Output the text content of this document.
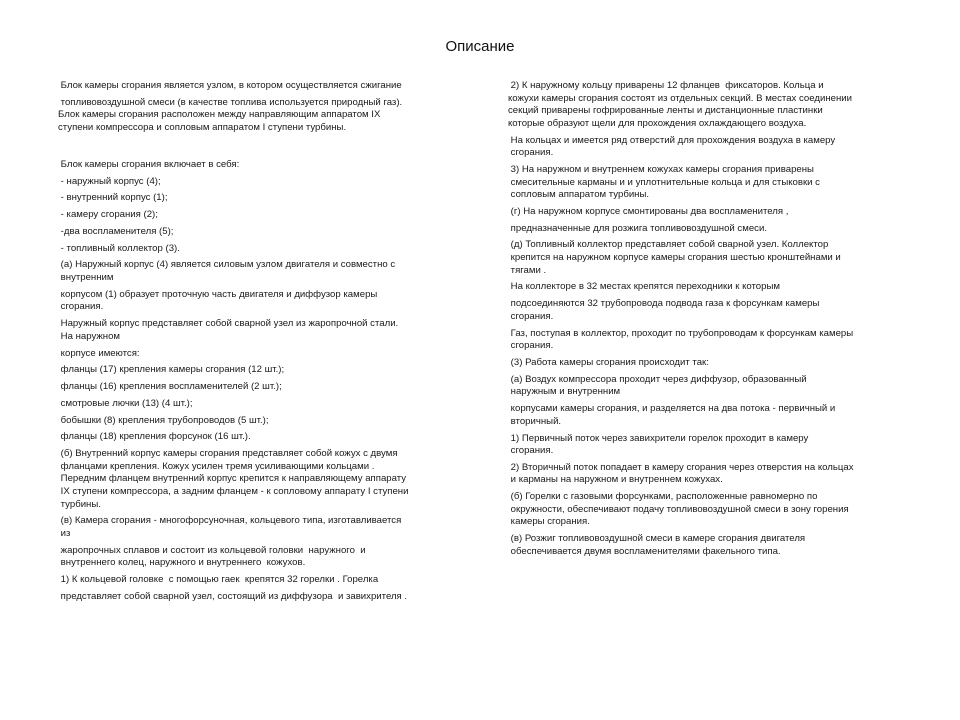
Описание
Блок камеры сгорания является узлом, в котором осуществляется сжигание
топливовоздушной смеси (в качестве топлива используется природный газ).
Блок камеры сгорания расположен между направляющим аппаратом IX
ступени компрессора и сопловым аппаратом I ступени турбины.
Блок камеры сгорания включает в себя:
- наружный корпус (4);
- внутренний корпус (1);
- камеру сгорания (2);
-два воспламенителя (5);
- топливный коллектор (3).
(а) Наружный корпус (4) является силовым узлом двигателя и совместно с
внутренним
корпусом (1) образует проточную часть двигателя и диффузор камеры
сгорания.
Наружный корпус представляет собой сварной узел из жаропрочной стали.
На наружном
корпусе имеются:
фланцы (17) крепления камеры сгорания (12 шт.);
фланцы (16) крепления воспламенителей (2 шт.);
смотровые лючки (13) (4 шт.);
бобышки (8) крепления трубопроводов (5 шт.);
фланцы (18) крепления форсунок (16 шт.).
(б) Внутренний корпус камеры сгорания представляет собой кожух с двумя
фланцами крепления. Кожух усилен тремя усиливающими кольцами .
Передним фланцем внутренний корпус крепится к направляющему аппарату
IX ступени компрессора, а задним фланцем - к сопловому аппарату I ступени
турбины.
(в) Камера сгорания - многофорсуночная, кольцевого типа, изготавливается
из
жаропрочных сплавов и состоит из кольцевой головки  наружного  и
внутреннего колец, наружного и внутреннего  кожухов.
1) К кольцевой головке  с помощью гаек  крепятся 32 горелки . Горелка
представляет собой сварной узел, состоящий из диффузора  и завихрителя .
2) К наружному кольцу приварены 12 фланцев  фиксаторов. Кольца и
кожухи камеры сгорания состоят из отдельных секций. В местах соединении
секций приварены гофрированные ленты и дистанционные пластинки
которые образуют щели для прохождения охлаждающего воздуха.
На кольцах и имеется ряд отверстий для прохождения воздуха в камеру
сгорания.
3) На наружном и внутреннем кожухах камеры сгорания приварены
смесительные карманы и и уплотнительные кольца и для стыковки с
сопловым аппаратом турбины.
(г) На наружном корпусе смонтированы два воспламенителя ,
предназначенные для розжига топливовоздушной смеси.
(д) Топливный коллектор представляет собой сварной узел. Коллектор
крепится на наружном корпусе камеры сгорания шестью кронштейнами и
тягами .
На коллекторе в 32 местах крепятся переходники к которым
подсоединяются 32 трубопровода подвода газа к форсункам камеры
сгорания.
Газ, поступая в коллектор, проходит по трубопроводам к форсункам камеры
сгорания.
(3) Работа камеры сгорания происходит так:
(а) Воздух компрессора проходит через диффузор, образованный
наружным и внутренним
корпусами камеры сгорания, и разделяется на два потока - первичный и
вторичный.
1) Первичный поток через завихрители горелок проходит в камеру
сгорания.
2) Вторичный поток попадает в камеру сгорания через отверстия на кольцах
и карманы на наружном и внутреннем кожухах.
(б) Горелки с газовыми форсунками, расположенные равномерно по
окружности, обеспечивают подачу топливовоздушной смеси в зону горения
камеры сгорания.
(в) Розжиг топливовоздушной смеси в камере сгорания двигателя
обеспечивается двумя воспламенителями факельного типа.
